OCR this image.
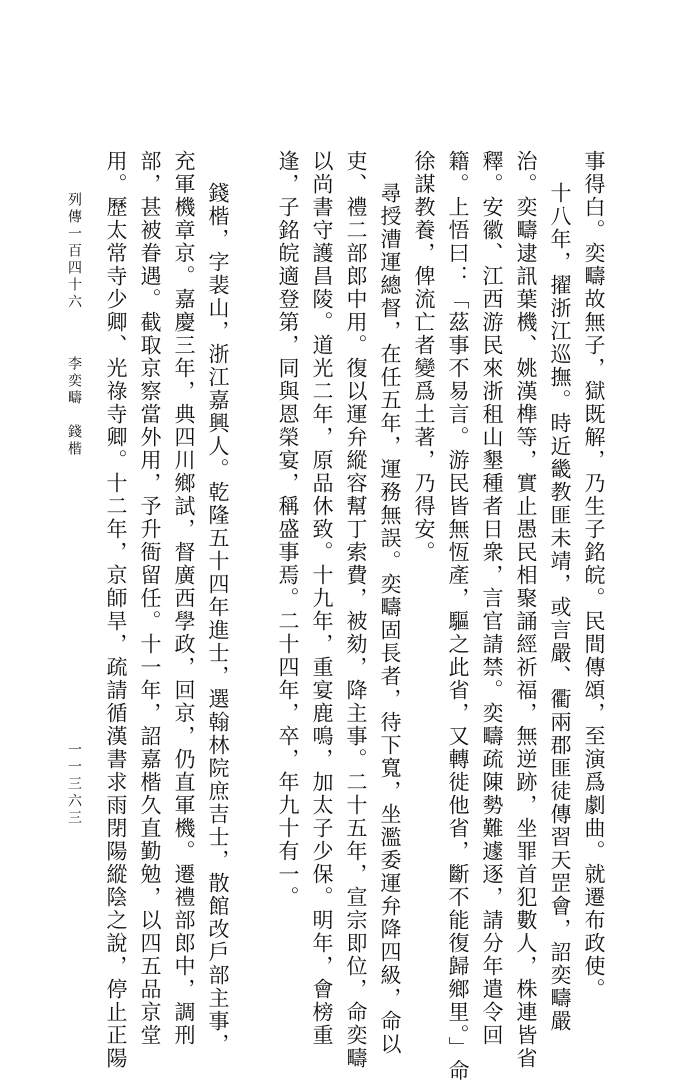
事得白。奕疇故無子，獄既解，乃生子銘皖。民間傳頌，至演爲劇曲。就遷布政使。
十八年，擢浙江巡撫。時近畿教匪未靖，或言嚴、衢兩郡匪徒傳習天罡會，詔奕疇嚴
治。奕疇逮訊葉機、姚漢榫等，實止愚民相聚誦經祈福，無逆跡，坐罪首犯數人，株連皆省
釋。安徽、江西游民來浙租山墾種者日衆，言官請禁。奕疇疏陳勢難遽逐，請分年遣令回
籍。上悟曰：「茲事不易言。游民皆無恆產，驅之此省，又轉徙他省，斷不能復歸鄉里。」命
徐謀教養，俾流亡者變爲土著，乃得安。
尋授漕運總督，在任五年，運務無誤。奕疇固長者，待下寬，坐濫委運弁降四級，命以
吏、禮二部郎中用。復以運弁縱容幫丁索費，被劾，降主事。二十五年，宣宗即位，命奕疇
以尚書守護昌陵。道光二年，原品休致。十九年，重宴鹿鳴，加太子少保。明年，會榜重
逢，子銘皖適登第，同與恩榮宴，稱盛事焉。二十四年，卒，年九十有一。
錢楷，字裴山，浙江嘉興人。乾隆五十四年進士，選翰林院庶吉士，散館改戶部主事，
充軍機章京。嘉慶三年，典四川鄉試，督廣西學政，回京，仍直軍機。遷禮部郎中，調刑
部，甚被眷遇。截取京察當外用，予升衙留任。十一年，詔嘉楷久直勤勉，以四五品京堂
用。歷太常寺少卿、光祿寺卿。十二年，京師旱，疏請循漢書求雨閉陽縱陰之說，停止正陽
列傳一百四十六
李奕疇　錢楷
一一三六三
